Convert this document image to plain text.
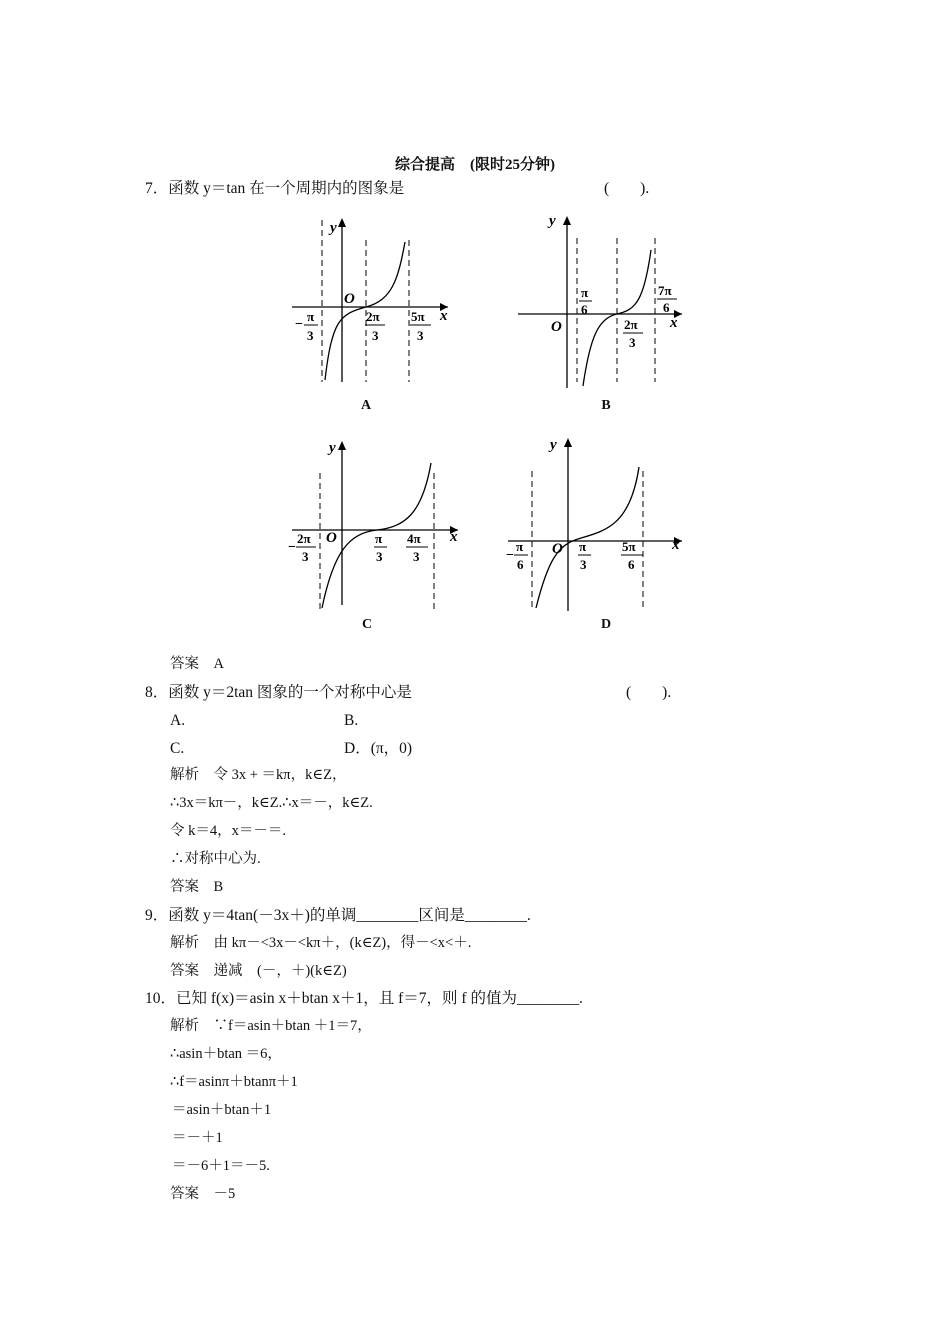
综合提高　(限时25分钟)
7．函数 y＝tan 在一个周期内的图象是	(　　).
x
y
O
−
π
3
2π
3
5π
3
A
x
y
O
π
6
2π
3
7π
6
B
x
y
O
−
2π
3
π
3
4π
3
C
x
y
O
−
π
6
π
3
5π
6
D
答案　A
8．函数 y＝2tan 图象的一个对称中心是	(　　).
A.	B.
C.	D．(π，0)
解析　令 3x + ＝kπ，k∈Z，
∴3x＝kπ－，k∈Z.∴x＝－，k∈Z.
令 k＝4，x＝－＝.
∴对称中心为.
答案　B
9．函数 y＝4tan(－3x＋)的单调________区间是________.
解析　由 kπ－<3x－<kπ＋，(k∈Z)，得－<x<＋.
答案　递减　(－，＋)(k∈Z)
10．已知 f(x)＝asin x＋btan x＋1，且 f＝7，则 f 的值为________.
解析　∵f＝asin＋btan ＋1＝7，
∴asin＋btan ＝6，
∴f＝asinπ＋btanπ＋1
＝asin＋btan＋1
＝－＋1
＝－6＋1＝－5.
答案　－5
